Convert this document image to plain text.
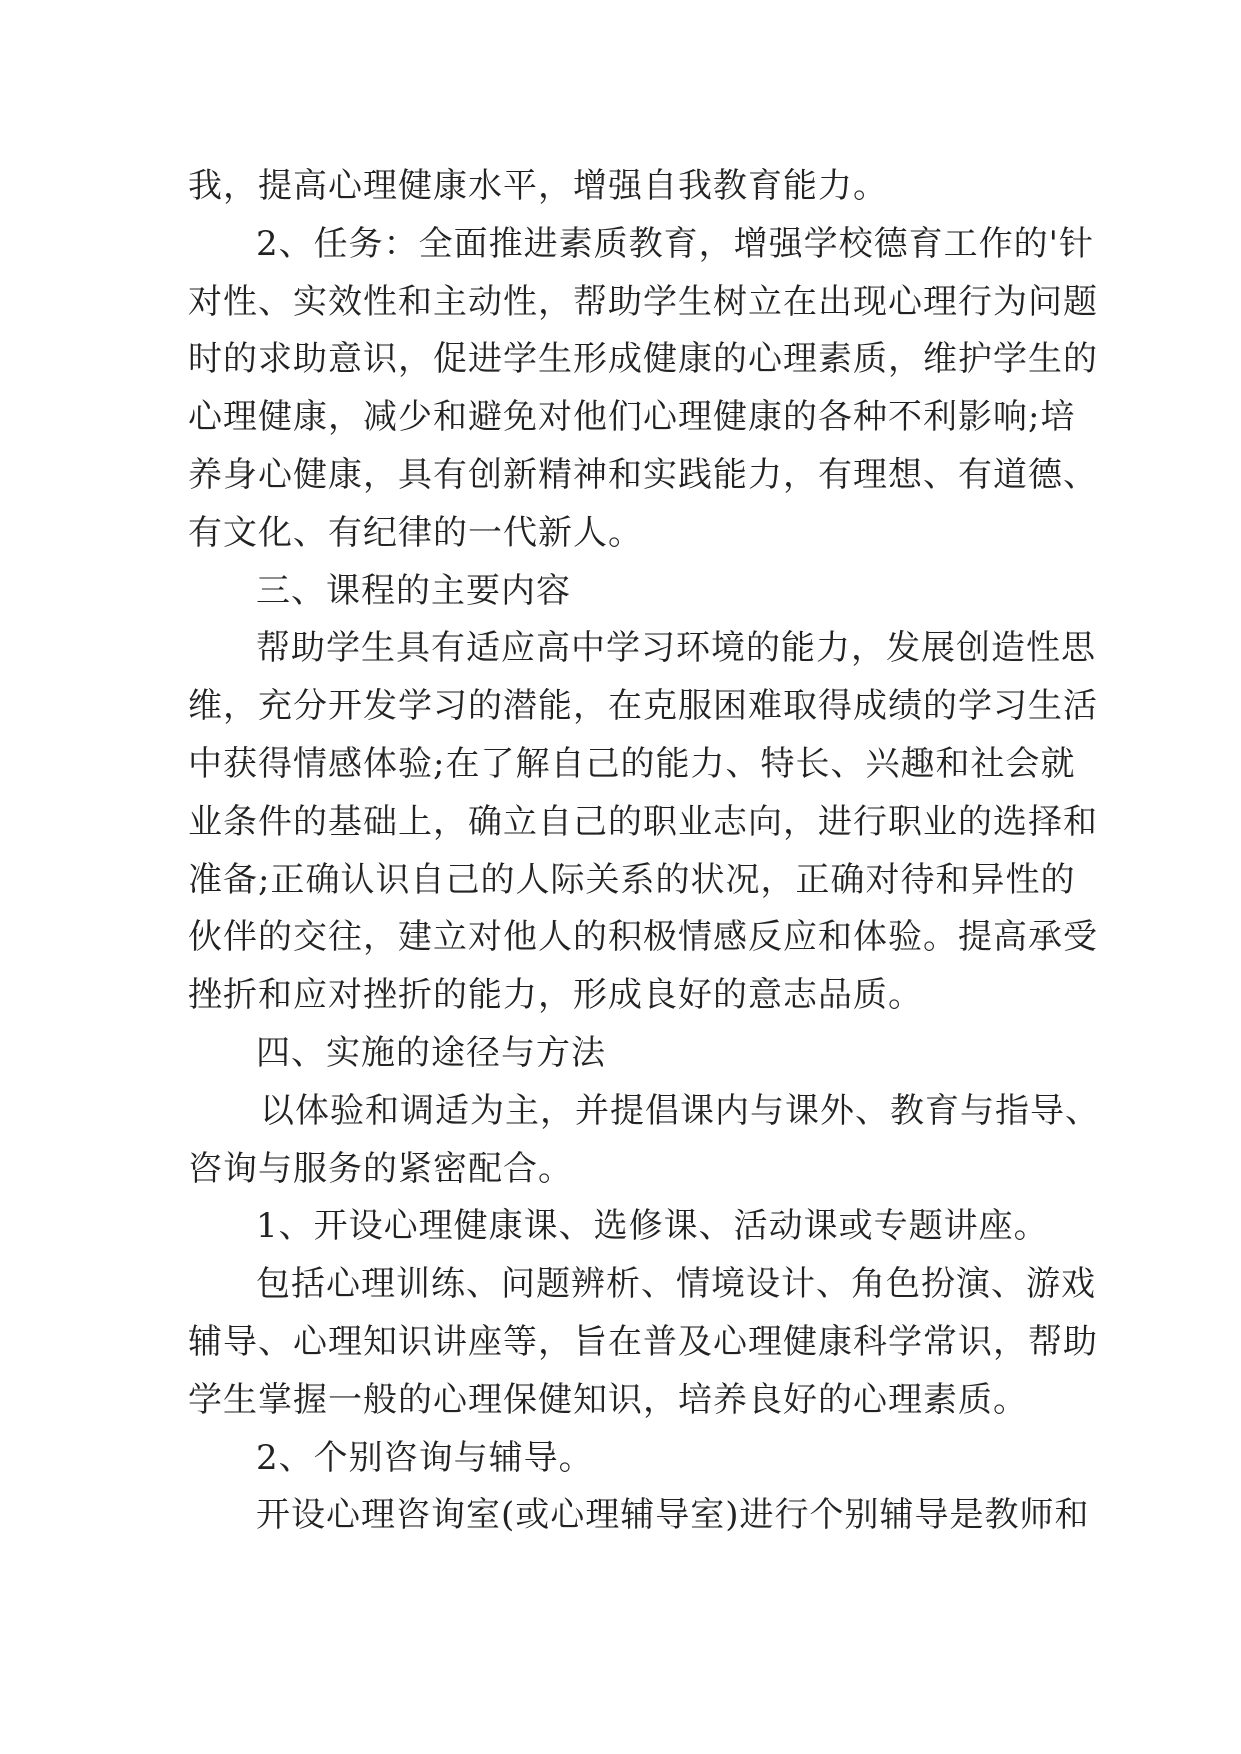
我，提高心理健康水平，增强自我教育能力。
2、任务：全面推进素质教育，增强学校德育工作的'针
对性、实效性和主动性，帮助学生树立在出现心理行为问题
时的求助意识，促进学生形成健康的心理素质，维护学生的
心理健康，减少和避免对他们心理健康的各种不利影响;培
养身心健康，具有创新精神和实践能力，有理想、有道德、
有文化、有纪律的一代新人。
三、课程的主要内容
帮助学生具有适应高中学习环境的能力，发展创造性思
维，充分开发学习的潜能，在克服困难取得成绩的学习生活
中获得情感体验;在了解自己的能力、特长、兴趣和社会就
业条件的基础上，确立自己的职业志向，进行职业的选择和
准备;正确认识自己的人际关系的状况，正确对待和异性的
伙伴的交往，建立对他人的积极情感反应和体验。提高承受
挫折和应对挫折的能力，形成良好的意志品质。
四、实施的途径与方法
以体验和调适为主，并提倡课内与课外、教育与指导、
咨询与服务的紧密配合。
1、开设心理健康课、选修课、活动课或专题讲座。
包括心理训练、问题辨析、情境设计、角色扮演、游戏
辅导、心理知识讲座等，旨在普及心理健康科学常识，帮助
学生掌握一般的心理保健知识，培养良好的心理素质。
2、个别咨询与辅导。
开设心理咨询室(或心理辅导室)进行个别辅导是教师和
